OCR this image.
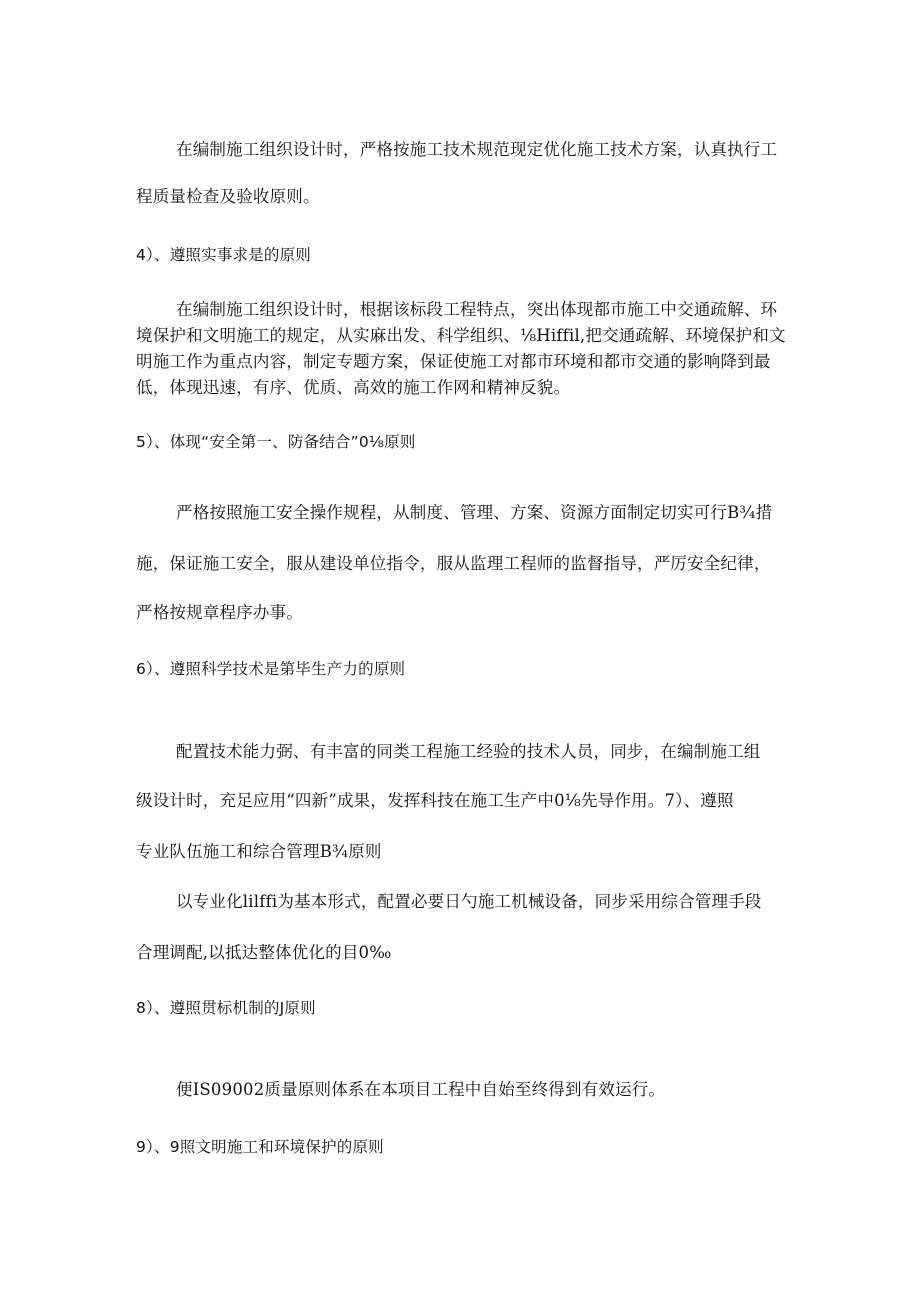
在编制施工组织设计时，严格按施工技术规范现定优化施工技术方案，认真执行工
程质量检查及验收原则。
4）、遵照实事求是的原则
在编制施工组织设计时，根据该标段工程特点，突出体现都市施工中交通疏解、环
境保护和文明施工的规定，从实麻出发、科学组织、⅛Hiffil,把交通疏解、环境保护和文
明施工作为重点内容，制定专题方案，保证使施工对都市环境和都市交通的影响降到最
低，体现迅速，有序、优质、高效的施工作网和精神反貌。
5）、体现“安全第一、防备结合”0⅛原则
严格按照施工安全操作规程，从制度、管理、方案、资源方面制定切实可行B¾措
施，保证施工安全，服从建设单位指令，服从监理工程师的监督指导，严厉安全纪律，
严格按规章程序办事。
6）、遵照科学技术是第毕生产力的原则
配置技术能力弼、有丰富的同类工程施工经验的技术人员，同步，在编制施工组
级设计时，充足应用“四新”成果，发挥科技在施工生产中0⅛先导作用。7）、遵照
专业队伍施工和综合管理B¾原则
以专业化lilffi为基本形式，配置必要日勺施工机械设备，同步采用综合管理手段
合理调配,以抵达整体优化的目0‰
8）、遵照贯标机制的J原则
便IS09002质量原则体系在本项目工程中自始至终得到有效运行。
9）、9照文明施工和环境保护的原则
